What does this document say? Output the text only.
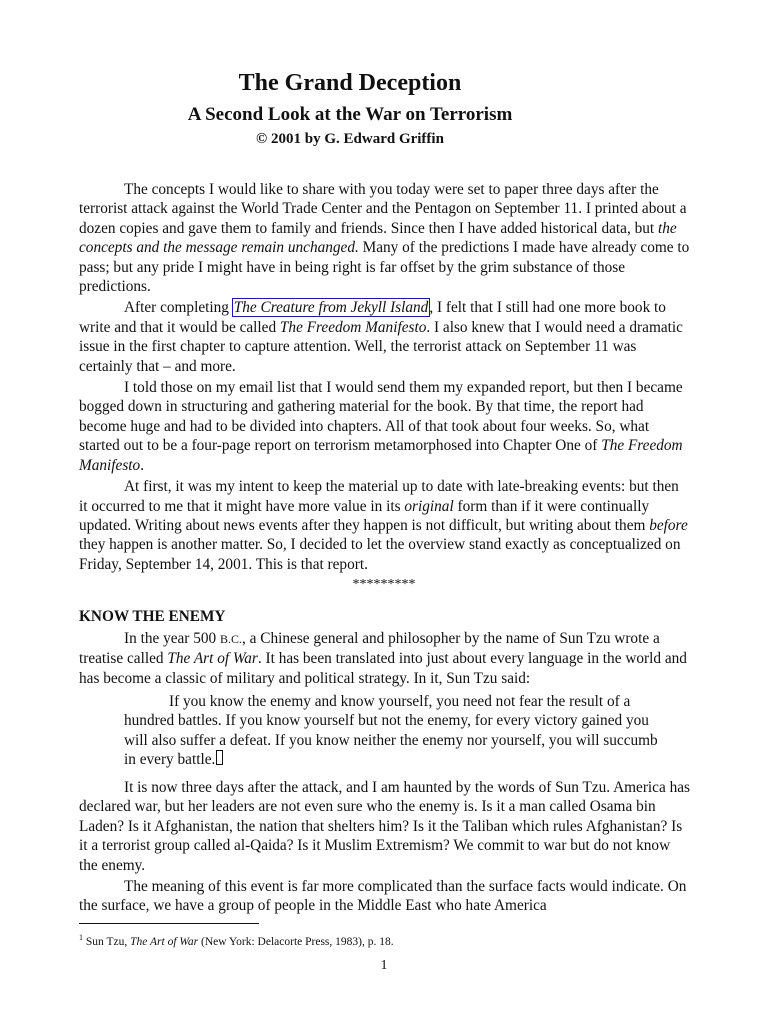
The Grand Deception
A Second Look at the War on Terrorism
© 2001 by G. Edward Griffin

The concepts I would like to share with you today were set to paper three days after the terrorist attack against the World Trade Center and the Pentagon on September 11. I printed about a dozen copies and gave them to family and friends. Since then I have added historical data, but the concepts and the message remain unchanged. Many of the predictions I made have already come to pass; but any pride I might have in being right is far offset by the grim substance of those predictions.

After completing The Creature from Jekyll Island, I felt that I still had one more book to write and that it would be called The Freedom Manifesto. I also knew that I would need a dramatic issue in the first chapter to capture attention. Well, the terrorist attack on September 11 was certainly that – and more.

I told those on my email list that I would send them my expanded report, but then I became bogged down in structuring and gathering material for the book. By that time, the report had become huge and had to be divided into chapters. All of that took about four weeks. So, what started out to be a four-page report on terrorism metamorphosed into Chapter One of The Freedom Manifesto.

At first, it was my intent to keep the material up to date with late-breaking events: but then it occurred to me that it might have more value in its original form than if it were continually updated. Writing about news events after they happen is not difficult, but writing about them before they happen is another matter. So, I decided to let the overview stand exactly as conceptualized on Friday, September 14, 2001. This is that report.

*********
KNOW THE ENEMY

In the year 500 B.C., a Chinese general and philosopher by the name of Sun Tzu wrote a treatise called The Art of War. It has been translated into just about every language in the world and has become a classic of military and political strategy. In it, Sun Tzu said:

If you know the enemy and know yourself, you need not fear the result of a hundred battles. If you know yourself but not the enemy, for every victory gained you will also suffer a defeat. If you know neither the enemy nor yourself, you will succumb in every battle.

It is now three days after the attack, and I am haunted by the words of Sun Tzu. America has declared war, but her leaders are not even sure who the enemy is. Is it a man called Osama bin Laden? Is it Afghanistan, the nation that shelters him? Is it the Taliban which rules Afghanistan? Is it a terrorist group called al-Qaida? Is it Muslim Extremism? We commit to war but do not know the enemy.

The meaning of this event is far more complicated than the surface facts would indicate. On the surface, we have a group of people in the Middle East who hate America

$^1$ Sun Tzu, The Art of War (New York: Delacorte Press, 1983), p. 18.
1
